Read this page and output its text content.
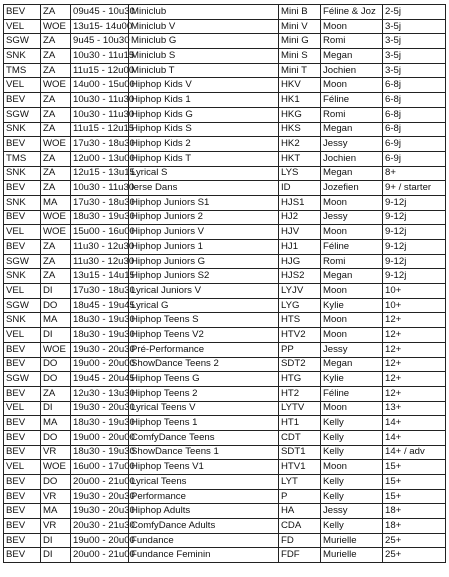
BEV	ZA	09u45 - 10u30	Miniclub	Mini B	Féline & Joz	2-5j
VEL	WOE	13u15- 14u00	Miniclub V	Mini V	Moon	3-5j
SGW	ZA	9u45 - 10u30	Miniclub G	Mini G	Romi	3-5j
SNK	ZA	10u30 - 11u15	Miniclub S	Mini S	Megan	3-5j
TMS	ZA	11u15 - 12u00	Miniclub T	Mini T	Jochien	3-5j
VEL	WOE	14u00 - 15u00	Hiphop Kids V	HKV	Moon	6-8j
BEV	ZA	10u30 - 11u30	Hiphop Kids 1	HK1	Féline	6-8j
SGW	ZA	10u30 - 11u30	Hiphop Kids G	HKG	Romi	6-8j
SNK	ZA	11u15 - 12u15	Hiphop Kids S	HKS	Megan	6-8j
BEV	WOE	17u30 - 18u30	Hiphop Kids 2	HK2	Jessy	6-9j
TMS	ZA	12u00 - 13u00	Hiphop Kids T	HKT	Jochien	6-9j
SNK	ZA	12u15 - 13u15	Lyrical S	LYS	Megan	8+
BEV	ZA	10u30 - 11u30	Ierse Dans	ID	Jozefien	9+ / starter
SNK	MA	17u30 - 18u30	Hiphop Juniors S1	HJS1	Moon	9-12j
BEV	WOE	18u30 - 19u30	Hiphop Juniors 2	HJ2	Jessy	9-12j
VEL	WOE	15u00 - 16u00	Hiphop Juniors V	HJV	Moon	9-12j
BEV	ZA	11u30 - 12u30	Hiphop Juniors 1	HJ1	Féline	9-12j
SGW	ZA	11u30 - 12u30	Hiphop Juniors G	HJG	Romi	9-12j
SNK	ZA	13u15 - 14u15	Hiphop Juniors S2	HJS2	Megan	9-12j
VEL	DI	17u30 - 18u30	Lyrical Juniors V	LYJV	Moon	10+
SGW	DO	18u45 - 19u45	Lyrical G	LYG	Kylie	10+
SNK	MA	18u30 - 19u30	Hiphop Teens S	HTS	Moon	12+
VEL	DI	18u30 - 19u30	Hiphop Teens V2	HTV2	Moon	12+
BEV	WOE	19u30 - 20u30	Pré-Performance	PP	Jessy	12+
BEV	DO	19u00 - 20u00	ShowDance Teens 2	SDT2	Megan	12+
SGW	DO	19u45 - 20u45	Hiphop Teens G	HTG	Kylie	12+
BEV	ZA	12u30 - 13u30	Hiphop Teens 2	HT2	Féline	12+
VEL	DI	19u30 - 20u30	Lyrical Teens V	LYTV	Moon	13+
BEV	MA	18u30 - 19u30	Hiphop Teens 1	HT1	Kelly	14+
BEV	DO	19u00 - 20u00	ComfyDance Teens	CDT	Kelly	14+
BEV	VR	18u30 - 19u30	ShowDance Teens 1	SDT1	Kelly	14+ / adv
VEL	WOE	16u00 - 17u00	Hiphop Teens V1	HTV1	Moon	15+
BEV	DO	20u00 - 21u00	Lyrical Teens	LYT	Kelly	15+
BEV	VR	19u30 - 20u30	Performance	P	Kelly	15+
BEV	MA	19u30 - 20u30	Hiphop Adults	HA	Jessy	18+
BEV	VR	20u30 - 21u30	ComfyDance Adults	CDA	Kelly	18+
BEV	DI	19u00 - 20u00	Fundance	FD	Murielle	25+
BEV	DI	20u00 - 21u00	Fundance Feminin	FDF	Murielle	25+
